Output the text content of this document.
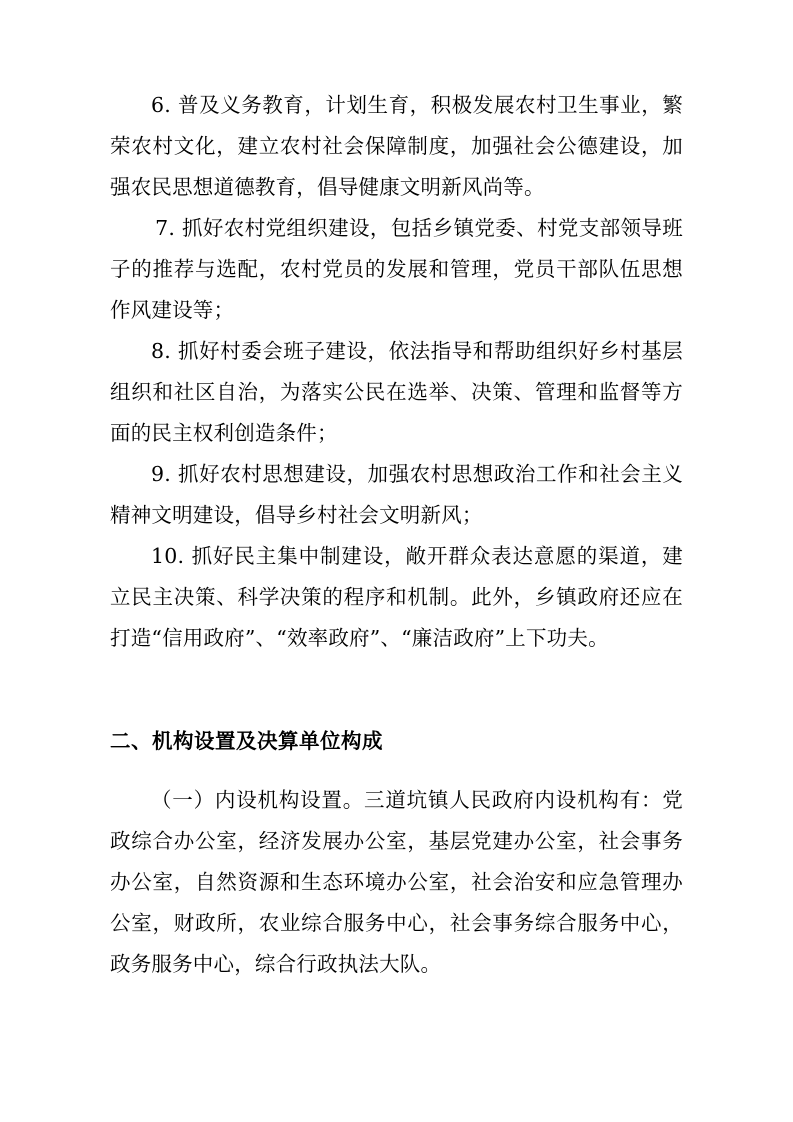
6. 普及义务教育，计划生育，积极发展农村卫生事业，繁荣农村文化，建立农村社会保障制度，加强社会公德建设，加强农民思想道德教育，倡导健康文明新风尚等。

7. 抓好农村党组织建设，包括乡镇党委、村党支部领导班子的推荐与选配，农村党员的发展和管理，党员干部队伍思想作风建设等；

8. 抓好村委会班子建设，依法指导和帮助组织好乡村基层组织和社区自治，为落实公民在选举、决策、管理和监督等方面的民主权利创造条件；

9. 抓好农村思想建设，加强农村思想政治工作和社会主义精神文明建设，倡导乡村社会文明新风；

10. 抓好民主集中制建设，敞开群众表达意愿的渠道，建立民主决策、科学决策的程序和机制。此外，乡镇政府还应在打造“信用政府”、“效率政府”、“廉洁政府”上下功夫。

二、机构设置及决算单位构成

（一）内设机构设置。三道坑镇人民政府内设机构有：党政综合办公室，经济发展办公室，基层党建办公室，社会事务办公室，自然资源和生态环境办公室，社会治安和应急管理办公室，财政所，农业综合服务中心，社会事务综合服务中心，政务服务中心，综合行政执法大队。
